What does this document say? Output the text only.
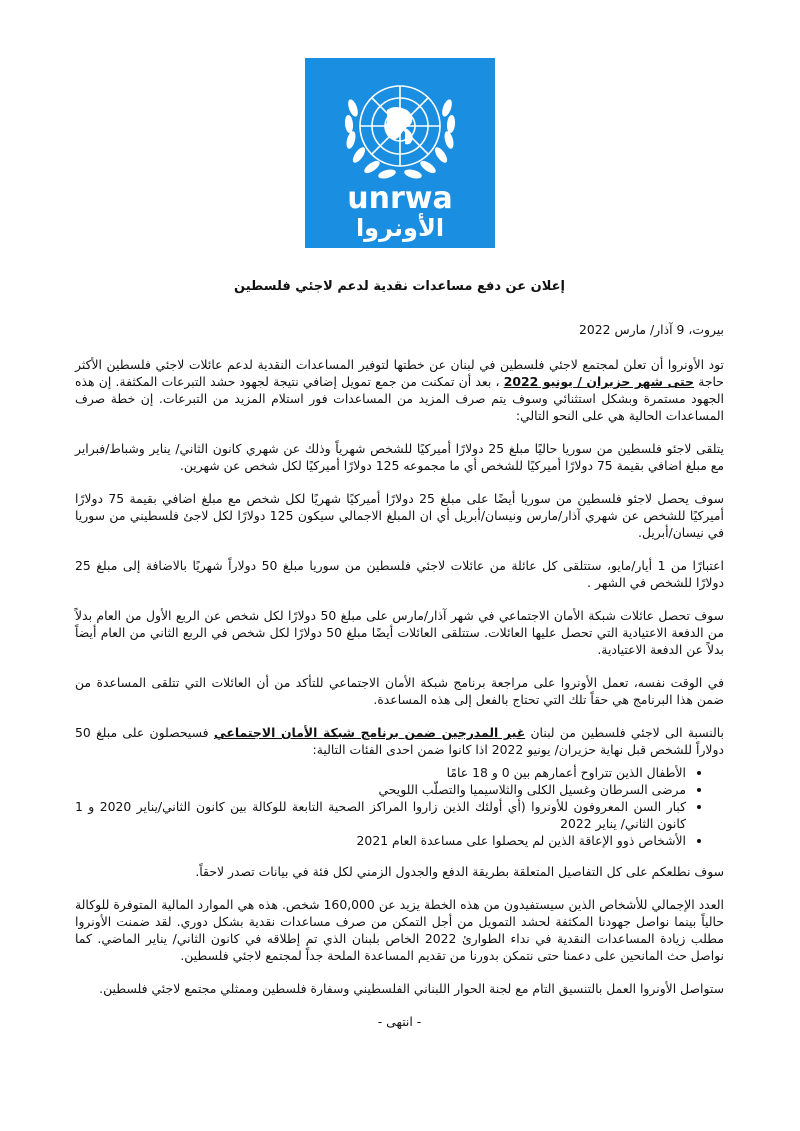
unrwa
الأونروا
إعلان عن دفع مساعدات نقدية لدعم لاجئي فلسطين
بيروت، 9 آذار/ مارس 2022

تود الأونروا أن تعلن لمجتمع لاجئي فلسطين في لبنان عن خطتها لتوفير المساعدات النقدية لدعم عائلات لاجئي فلسطين الأكثر حاجة حتى شهر حزيران / يونيو 2022 ، بعد أن تمكنت من جمع تمويل إضافي نتيجة لجهود حشد التبرعات المكثفة. إن هذه الجهود مستمرة وبشكل استثنائي وسوف يتم صرف المزيد من المساعدات فور استلام المزيد من التبرعات. إن خطة صرف المساعدات الحالية هي على النحو التالي:

يتلقى لاجئو فلسطين من سوريا حاليًا مبلغ 25 دولارًا أميركيًا للشخص شهرياً وذلك عن شهري كانون الثاني/ يناير وشباط/فبراير مع مبلغ اضافي بقيمة 75 دولارًا أميركيًا للشخص أي ما مجموعه 125 دولارًا أميركيًا لكل شخص عن شهرين.

سوف يحصل لاجئو فلسطين من سوريا أيضًا على مبلغ 25 دولارًا أميركيًا شهريًا لكل شخص مع مبلغ اضافي بقيمة 75 دولارًا أميركيًا للشخص عن شهري آذار/مارس ونيسان/أبريل أي ان المبلغ الاجمالي سيكون 125 دولارًا لكل لاجئ فلسطيني من سوريا في نيسان/أبريل.

اعتبارًا من 1 أيار/مايو، ستتلقى كل عائلة من عائلات لاجئي فلسطين من سوريا مبلغ 50 دولاراً شهريًا بالاضافة إلى مبلغ 25 دولارًا للشخص في الشهر .

سوف تحصل عائلات شبكة الأمان الاجتماعي في شهر آذار/مارس على مبلغ 50 دولارًا لكل شخص عن الربع الأول من العام بدلاً من الدفعة الاعتيادية التي تحصل عليها العائلات. ستتلقى العائلات أيضًا مبلغ 50 دولارًا لكل شخص في الربع الثاني من العام أيضاً بدلاً عن الدفعة الاعتيادية.

في الوقت نفسه، تعمل الأونروا على مراجعة برنامج شبكة الأمان الاجتماعي للتأكد من أن العائلات التي تتلقى المساعدة من ضمن هذا البرنامج هي حقاً تلك التي تحتاج بالفعل إلى هذه المساعدة.

بالنسبة الى لاجئي فلسطين من لبنان غير المدرجين ضمن برنامج شبكة الأمان الاجتماعي فسيحصلون على مبلغ 50 دولاراً للشخص قبل نهاية حزيران/ يونيو 2022 اذا كانوا ضمن احدى الفئات التالية:

• الأطفال الذين تتراوح أعمارهم بين 0 و 18 عامًا
• مرضى السرطان وغسيل الكلى والثلاسيميا والتصلّب اللويحي
• كبار السن المعروفون للأونروا (أي أولئك الذين زاروا المراكز الصحية التابعة للوكالة بين كانون الثاني/يناير 2020 و 1 كانون الثاني/ يناير 2022
• الأشخاص ذوو الإعاقة الذين لم يحصلوا على مساعدة العام 2021

سوف نطلعكم على كل التفاصيل المتعلقة بطريقة الدفع والجدول الزمني لكل فئة في بيانات تصدر لاحقاً.

العدد الإجمالي للأشخاص الذين سيستفيدون من هذه الخطة يزيد عن 160,000 شخص. هذه هي الموارد المالية المتوفرة للوكالة حالياً بينما نواصل جهودنا المكثفة لحشد التمويل من أجل التمكن من صرف مساعدات نقدية بشكل دوري. لقد ضمنت الأونروا مطلب زيادة المساعدات النقدية في نداء الطوارئ 2022 الخاص بلبنان الذي تم إطلاقه في كانون الثاني/ يناير الماضي. كما نواصل حث المانحين على دعمنا حتى نتمكن بدورنا من تقديم المساعدة الملحة جداً لمجتمع لاجئي فلسطين.

ستواصل الأونروا العمل بالتنسيق التام مع لجنة الحوار اللبناني الفلسطيني وسفارة فلسطين وممثلي مجتمع لاجئي فلسطين.

- انتهى -
